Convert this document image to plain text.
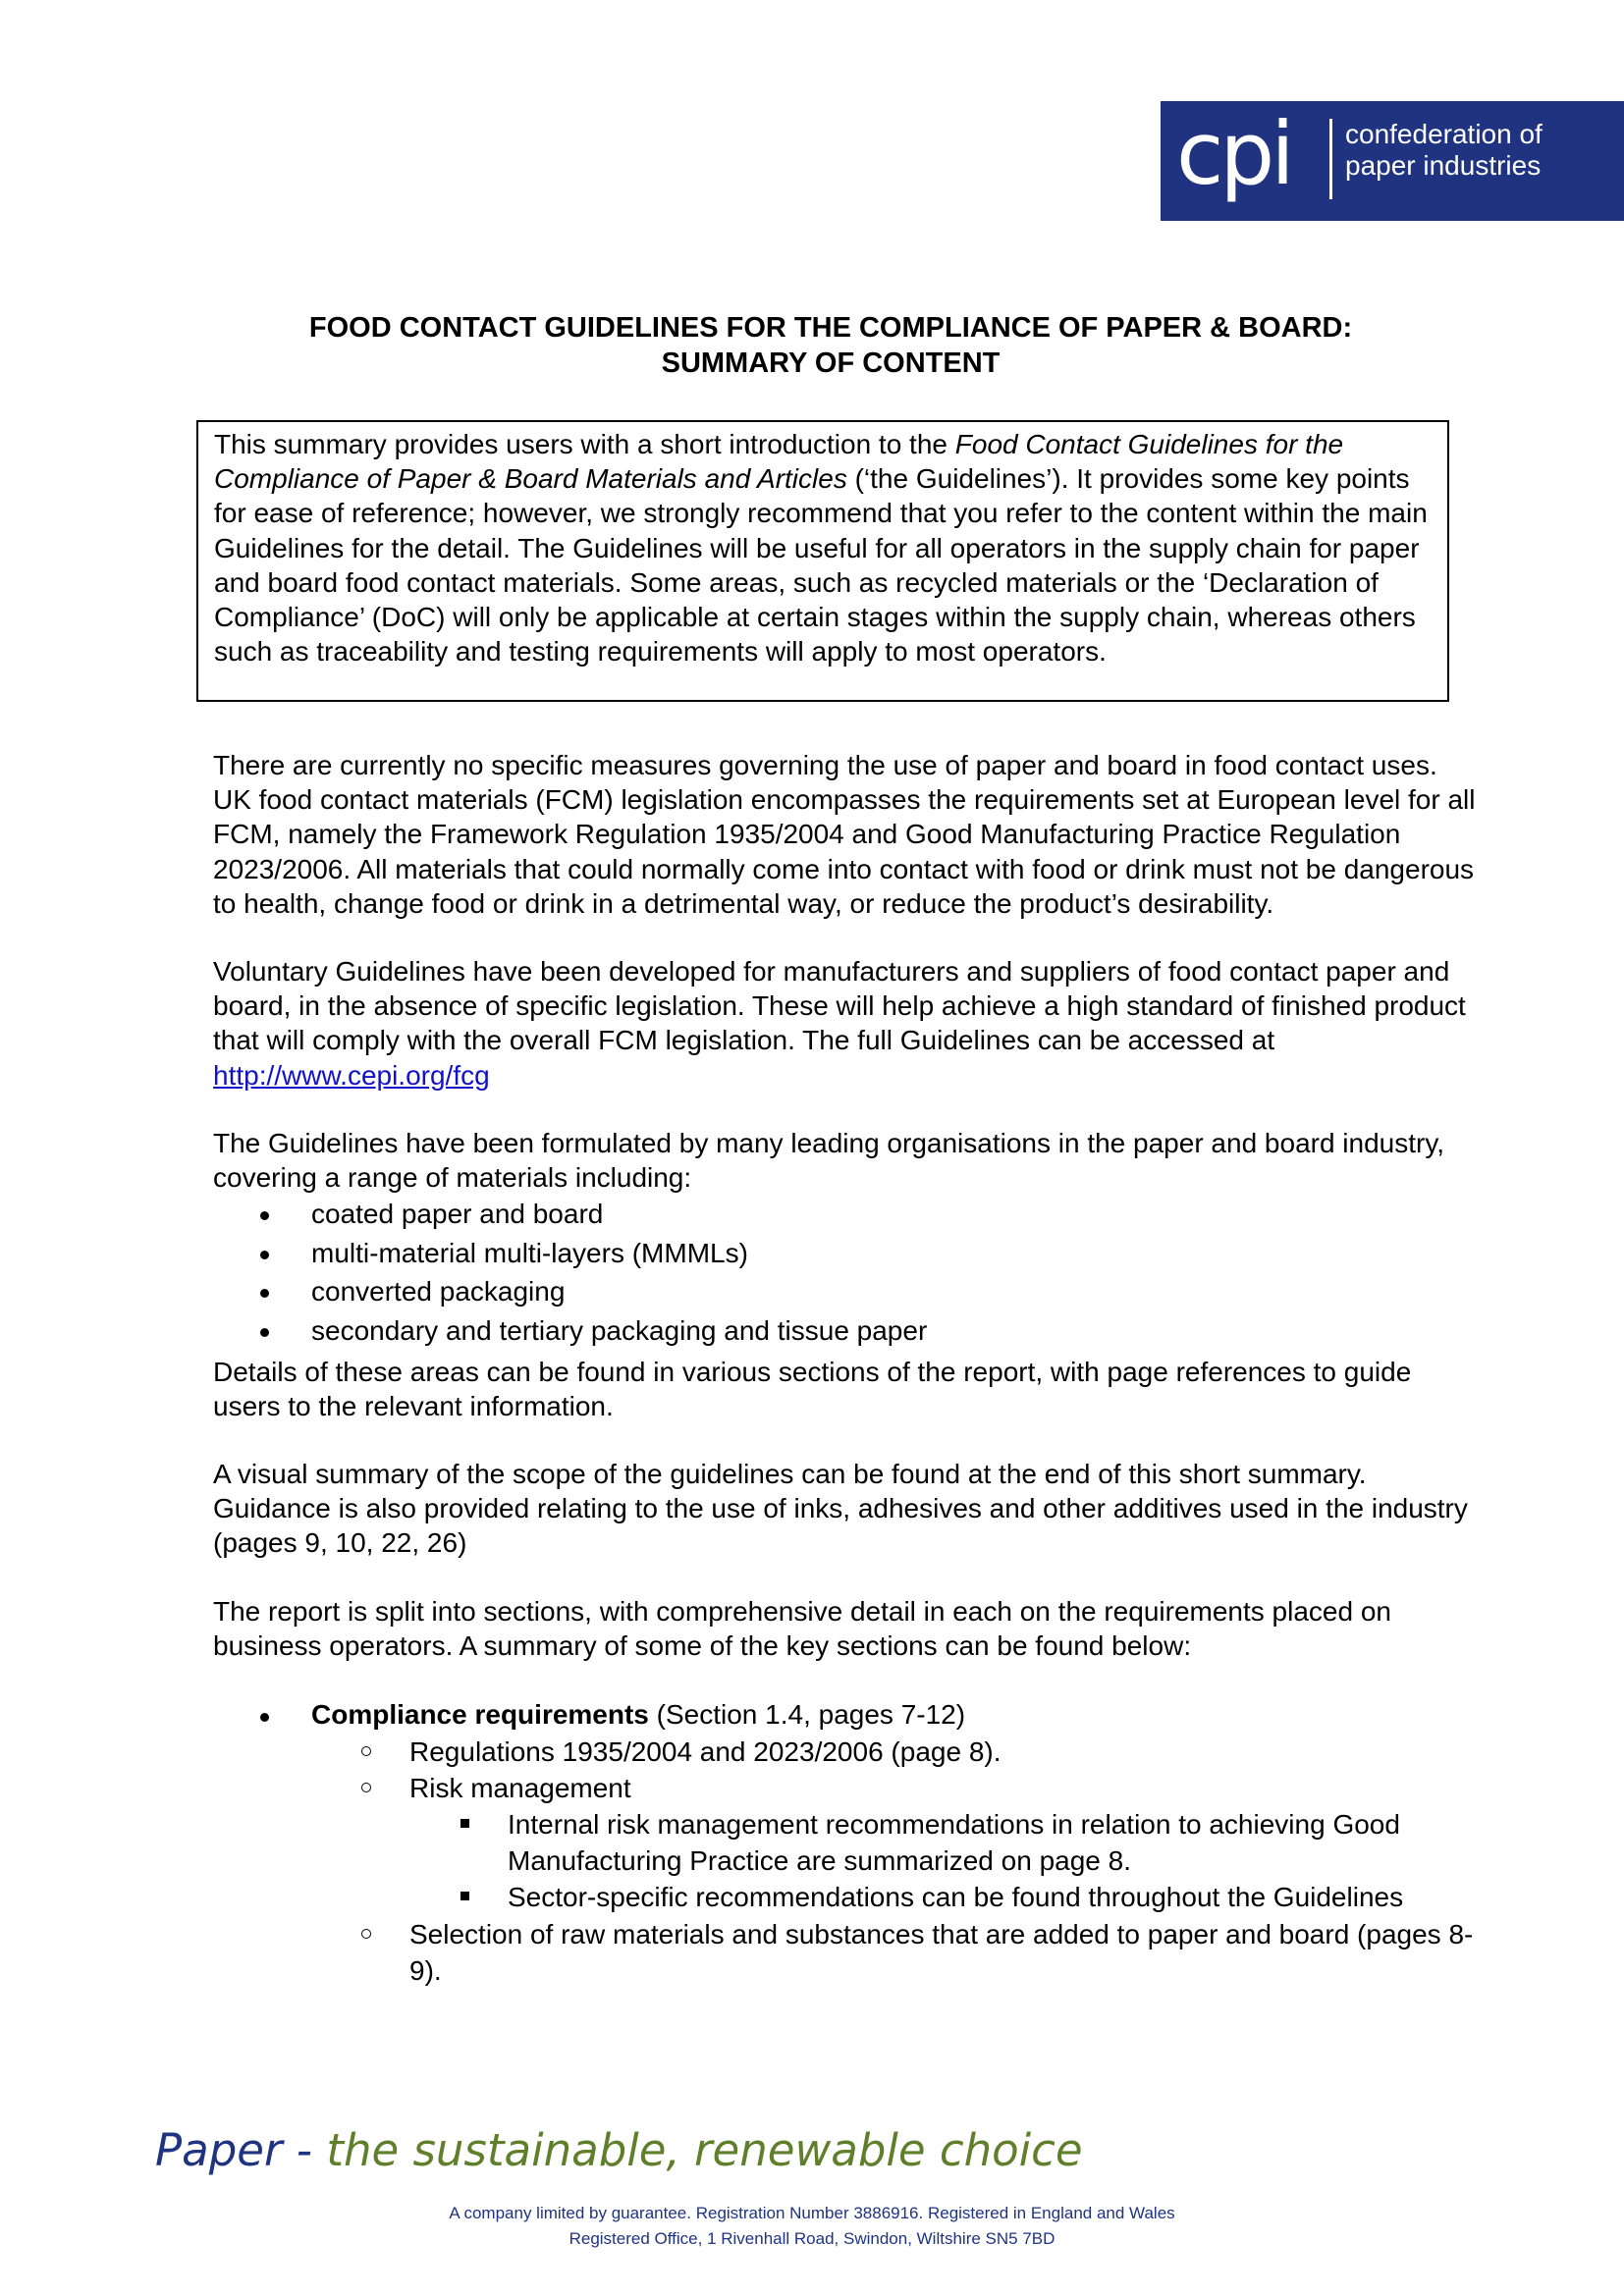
cpi confederation of
paper industries
FOOD CONTACT GUIDELINES FOR THE COMPLIANCE OF PAPER & BOARD:
SUMMARY OF CONTENT
This summary provides users with a short introduction to the Food Contact Guidelines for the Compliance of Paper & Board Materials and Articles (‘the Guidelines’). It provides some key points for ease of reference; however, we strongly recommend that you refer to the content within the main Guidelines for the detail. The Guidelines will be useful for all operators in the supply chain for paper and board food contact materials. Some areas, such as recycled materials or the ‘Declaration of Compliance’ (DoC) will only be applicable at certain stages within the supply chain, whereas others such as traceability and testing requirements will apply to most operators.

There are currently no specific measures governing the use of paper and board in food contact uses. UK food contact materials (FCM) legislation encompasses the requirements set at European level for all FCM, namely the Framework Regulation 1935/2004 and Good Manufacturing Practice Regulation 2023/2006. All materials that could normally come into contact with food or drink must not be dangerous to health, change food or drink in a detrimental way, or reduce the product’s desirability.

Voluntary Guidelines have been developed for manufacturers and suppliers of food contact paper and board, in the absence of specific legislation. These will help achieve a high standard of finished product that will comply with the overall FCM legislation. The full Guidelines can be accessed at http://www.cepi.org/fcg

The Guidelines have been formulated by many leading organisations in the paper and board industry, covering a range of materials including:

coated paper and board
multi-material multi-layers (MMMLs)
converted packaging
secondary and tertiary packaging and tissue paper

Details of these areas can be found in various sections of the report, with page references to guide users to the relevant information.

A visual summary of the scope of the guidelines can be found at the end of this short summary. Guidance is also provided relating to the use of inks, adhesives and other additives used in the industry (pages 9, 10, 22, 26)

The report is split into sections, with comprehensive detail in each on the requirements placed on business operators. A summary of some of the key sections can be found below:

Compliance requirements (Section 1.4, pages 7-12)
Regulations 1935/2004 and 2023/2006 (page 8).
Risk management
Internal risk management recommendations in relation to achieving Good Manufacturing Practice are summarized on page 8.
Sector-specific recommendations can be found throughout the Guidelines
Selection of raw materials and substances that are added to paper and board (pages 8-9).
Paper - the sustainable, renewable choice
A company limited by guarantee. Registration Number 3886916. Registered in England and Wales
Registered Office, 1 Rivenhall Road, Swindon, Wiltshire SN5 7BD
